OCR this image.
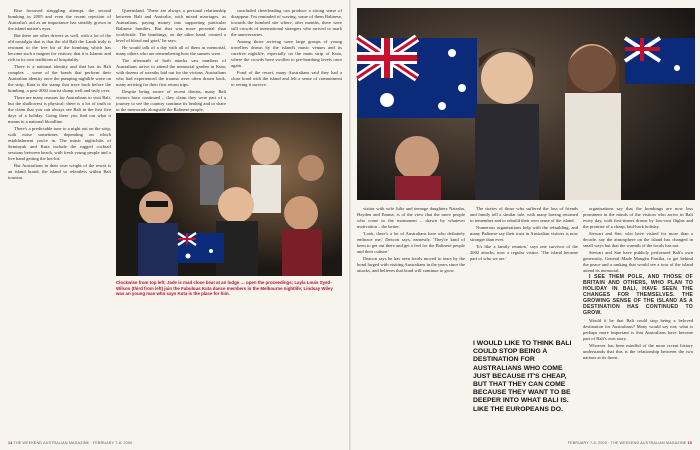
Rise focussed struggling attempt, the second bombing in 2005 and even the recent rejection of Australia's aid as an importance has steadily grown in the island nation's eyes.

But there are other drivers as well, with a lot of the old nostalgia that is that the old Bali the Lamb truly is resonant to the free bit of the bombing which has become such a magnet for visitors; that it is Islamic and rich in its own traditions of hospitality.

There is a national identity and that has its Bali complex – some of the bonds that perform their Australian identity once the pumping nightlife wave on the strip, Kuta is the stamp that trace back before the bombing, a post-2002 tourist slump well and truly over.

There are many reasons for Australians to visit Bali, but the shallowest is physical: there is a lot of truth to the claim that you can always see Bali in the first five days of a holiday. Going there you find out what it means to a national bloodline.

There's a predictable tone to a night out on the strip, with noise sometimes depending on which establishment you're in. The music nightclubs of Seminyak and Kuta include the rugged cocktail sessions between beach, with fresh young people and a live band getting the hot-hit.

But Australians in their own weight of the resort is an island brand, the island so relentless within Bali tourism.

Queensland. 'These are always a personal relationship between Bali and Australia, with mixed marriages, as Australians, paying money into supporting particular Balinese families. But that was more personal than worldwide. The bombings, on the other hand, created a level of blood and grief,' he says.

He would talk of a day with all of them as memorial, many others who are remembering how the sunsets were.

The aftermath of both attacks saw numbers of Australians arrive to attend the memorial garden in Kuta, with dozens of wreaths laid out for the victims. Australians who had experienced the trauma were often drawn back, many arriving for their first return trips.

Despite being aware of recent threats, many Bali visitors have continued – they claim they were part of a journey to see the country continue its healing and to share in the memorials alongside the Balinese people.

concluded cheerleading can produce a strong sense of disappear. I'm reminded of waving, some of them Balinese, towards the bombed site where, after months, there were still crowds of international strangers who arrived to mark the anniversaries.

Among those arriving were large groups of young travellers drawn by the island's music venues and its carefree nightlife, especially on the main strip of Kuta, where the crowds have swollen to pre-bombing levels once again.

Fond of the resort, many Australians said they had a close bond with the island and felt a sense of commitment to seeing it survive.

Clockwise from top left: Jade is mad close beat at an lodge … open the proceedings; Layla Louis Syed-Wilson (third from left) join the Fabulous Kuta dance members in the Melbourne nightlife; Lindsay Wiley was an young man who says Kuta is the place for him.

visitor with wife Julie and teenage daughters Natasha, Hayden and Emma, is of the view that the more people who come to the monument – drawn by whatever motivation – the better.

'Look, there's a lot of Australians here who definitely embrace me,' Deacon says, earnestly. 'They're kind of keen to get out there and get a feel for the Balinese people and their culture.'

Deacon says he has seen locals moved to tears by the bond forged with visiting Australians in the years since the attacks, and believes that bond will continue to grow.

The stories of those who suffered the loss of friends and family tell a similar tale, with many having returned to remember and to rebuild their own sense of the island.

Numerous organisations help with the rebuilding, and many Balinese say their trust in Australian visitors is now stronger than ever.

'It's like a family reunion,' says one survivor of the 2002 attacks, now a regular visitor. 'The island became part of who we are.'

organisations say that the bombings are now less prominent in the minds of the visitors who arrive in Bali every day, with first-timers drawn by low-cost flights and the promise of a cheap, laid-back holiday.

Stewart and Sue, who have visited for more than a decade, say the atmosphere on the island has changed in small ways but that the warmth of the locals has not.

Stewart and Sue have publicly performed Bali's own generosity, General Made Mangku Pastika, to get behind the peace and a ranking that would see a tour of the island attend its memorial.

I SEE THEM POLE, AND THOSE OF BRITAIN AND OTHERS, WHO PLAN TO HOLIDAY IN BALI, HAVE SEEN THE CHANGES FOR THEMSELVES. THE GROWING SENSE OF THE ISLAND AS A DESTINATION HAS CONTINUED TO GROW.

Would it be that Bali could stop being a beloved destination for Australians? Many would say not; what is perhaps more important is that Australians have become part of Bali's own story.

Whoever has been mindful of the more recent history understands that this is the relationship between the two nations at its finest.

I WOULD LIKE TO THINK BALI COULD STOP BEING A DESTINATION FOR AUSTRALIANS WHO COME JUST BECAUSE IT'S CHEAP, BUT THAT THEY CAN COME BECAUSE THEY WANT TO BE DEEPER INTO WHAT BALI IS. LIKE THE EUROPEANS DO.
14 THE WEEKEND AUSTRALIAN MAGAZINE · FEBRUARY 7-8, 2009	FEBRUARY 7-8, 2009 · THE WEEKEND AUSTRALIAN MAGAZINE 15
